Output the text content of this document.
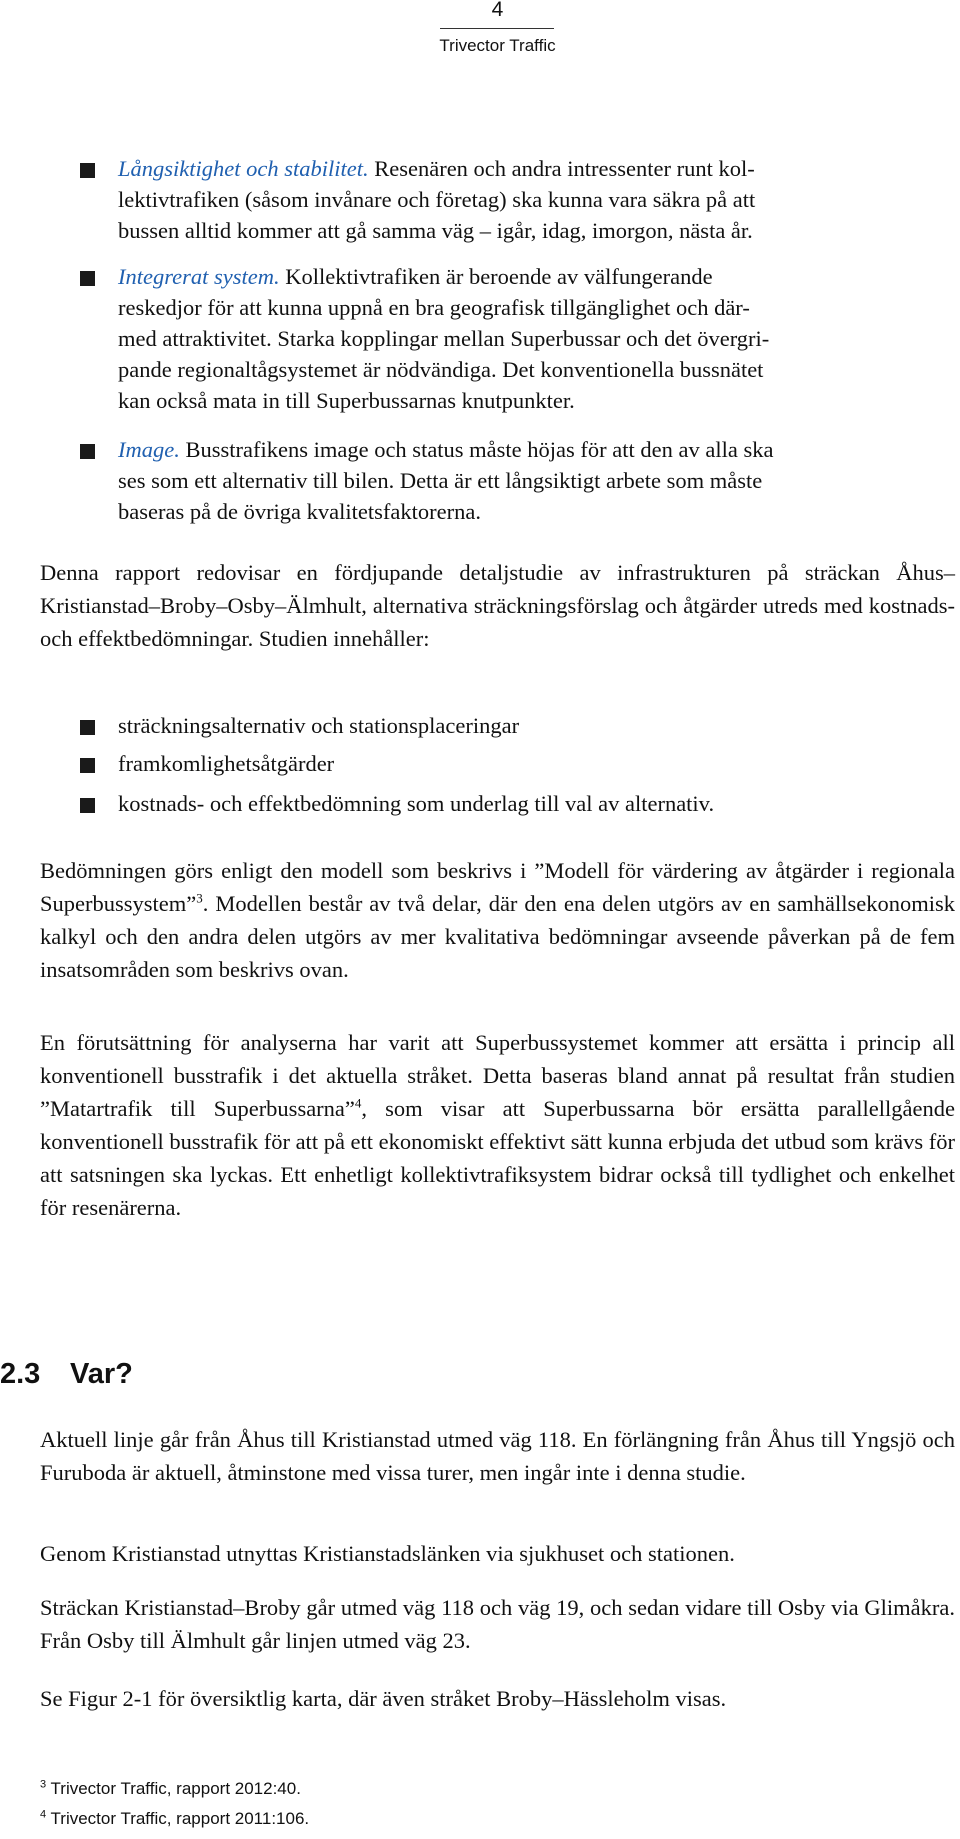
4
Trivector Traffic
Långsiktighet och stabilitet. Resenären och andra intressenter runt kol-
lektivtrafiken (såsom invånare och företag) ska kunna vara säkra på att
bussen alltid kommer att gå samma väg – igår, idag, imorgon, nästa år.
Integrerat system. Kollektivtrafiken är beroende av välfungerande
reskedjor för att kunna uppnå en bra geografisk tillgänglighet och där-
med attraktivitet. Starka kopplingar mellan Superbussar och det övergri-
pande regionaltågsystemet är nödvändiga. Det konventionella bussnätet
kan också mata in till Superbussarnas knutpunkter.
Image. Busstrafikens image och status måste höjas för att den av alla ska
ses som ett alternativ till bilen. Detta är ett långsiktigt arbete som måste
baseras på de övriga kvalitetsfaktorerna.

Denna rapport redovisar en fördjupande detaljstudie av infrastrukturen på sträckan Åhus–Kristianstad–Broby–Osby–Älmhult, alternativa sträckningsförslag och åtgärder utreds med kostnads- och effektbedömningar. Studien innehåller:

sträckningsalternativ och stationsplaceringar
framkomlighetsåtgärder
kostnads- och effektbedömning som underlag till val av alternativ.

Bedömningen görs enligt den modell som beskrivs i ”Modell för värdering av åtgärder i regionala Superbussystem”$^3$. Modellen består av två delar, där den ena delen utgörs av en samhällsekonomisk kalkyl och den andra delen utgörs av mer kvalitativa bedömningar avseende påverkan på de fem insatsområden som beskrivs ovan.

En förutsättning för analyserna har varit att Superbussystemet kommer att ersätta i princip all konventionell busstrafik i det aktuella stråket. Detta baseras bland annat på resultat från studien ”Matartrafik till Superbussarna”$^4$, som visar att Superbussarna bör ersätta parallellgående konventionell busstrafik för att på ett ekonomiskt effektivt sätt kunna erbjuda det utbud som krävs för att satsningen ska lyckas. Ett enhetligt kollektivtrafiksystem bidrar också till tydlighet och enkelhet för resenärerna.

2.3 Var?

Aktuell linje går från Åhus till Kristianstad utmed väg 118. En förlängning från Åhus till Yngsjö och Furuboda är aktuell, åtminstone med vissa turer, men ingår inte i denna studie.

Genom Kristianstad utnyttas Kristianstadslänken via sjukhuset och stationen.

Sträckan Kristianstad–Broby går utmed väg 118 och väg 19, och sedan vidare till Osby via Glimåkra. Från Osby till Älmhult går linjen utmed väg 23.

Se Figur 2-1 för översiktlig karta, där även stråket Broby–Hässleholm visas.

$^3$ Trivector Traffic, rapport 2012:40.
$^4$ Trivector Traffic, rapport 2011:106.
